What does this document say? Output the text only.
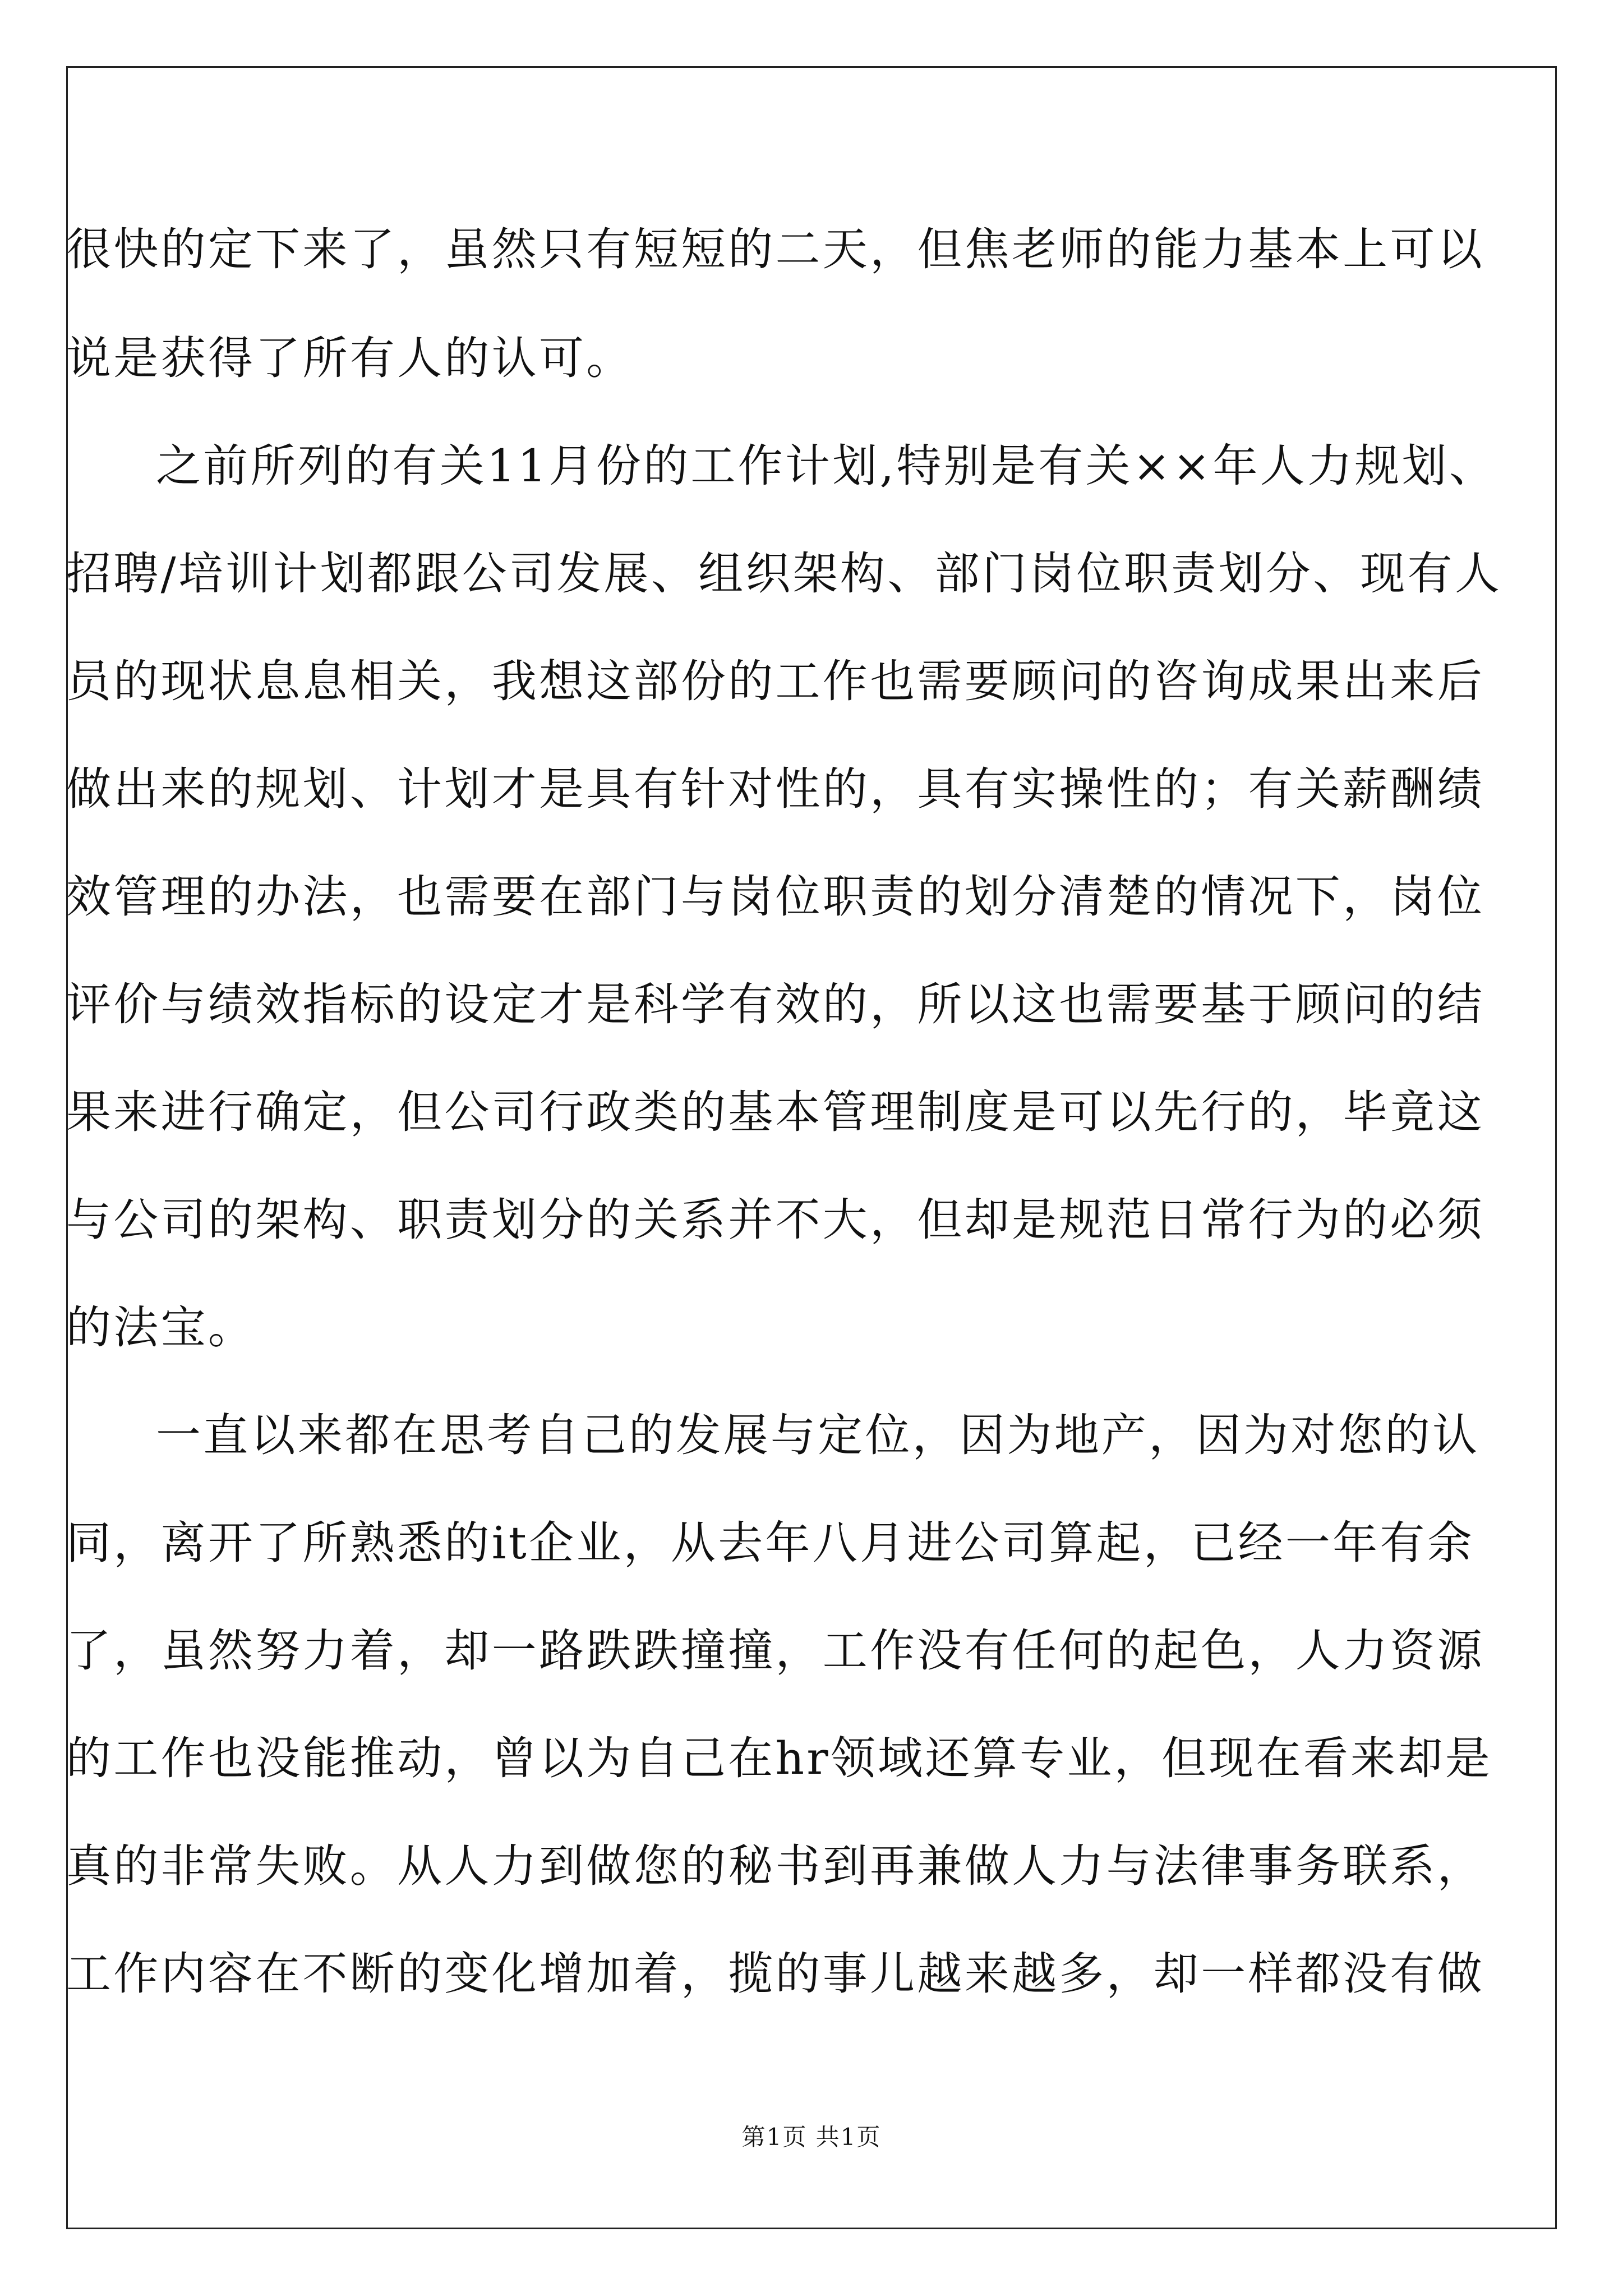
很快的定下来了，虽然只有短短的二天，但焦老师的能力基本上可以
说是获得了所有人的认可。
之前所列的有关11月份的工作计划,特别是有关××年人力规划、
招聘/培训计划都跟公司发展、组织架构、部门岗位职责划分、现有人
员的现状息息相关，我想这部份的工作也需要顾问的咨询成果出来后
做出来的规划、计划才是具有针对性的，具有实操性的；有关薪酬绩
效管理的办法，也需要在部门与岗位职责的划分清楚的情况下，岗位
评价与绩效指标的设定才是科学有效的，所以这也需要基于顾问的结
果来进行确定，但公司行政类的基本管理制度是可以先行的，毕竟这
与公司的架构、职责划分的关系并不大，但却是规范日常行为的必须
的法宝。
一直以来都在思考自己的发展与定位，因为地产，因为对您的认
同，离开了所熟悉的it企业，从去年八月进公司算起，已经一年有余
了，虽然努力着，却一路跌跌撞撞，工作没有任何的起色，人力资源
的工作也没能推动，曾以为自己在hr领域还算专业，但现在看来却是
真的非常失败。从人力到做您的秘书到再兼做人力与法律事务联系，
工作内容在不断的变化增加着，揽的事儿越来越多，却一样都没有做
第1页 共1页
